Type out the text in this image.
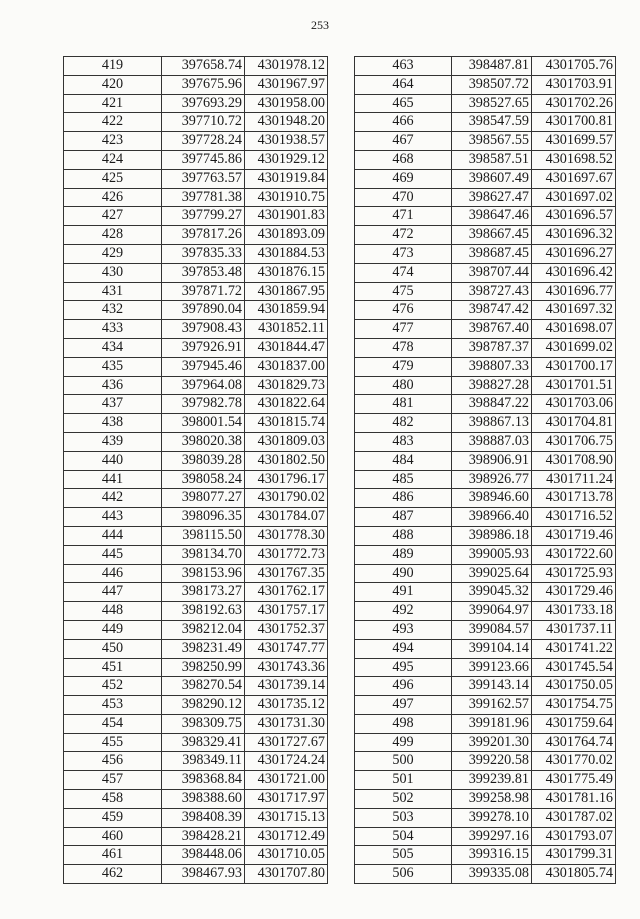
253
419	397658.74	4301978.12
420	397675.96	4301967.97
421	397693.29	4301958.00
422	397710.72	4301948.20
423	397728.24	4301938.57
424	397745.86	4301929.12
425	397763.57	4301919.84
426	397781.38	4301910.75
427	397799.27	4301901.83
428	397817.26	4301893.09
429	397835.33	4301884.53
430	397853.48	4301876.15
431	397871.72	4301867.95
432	397890.04	4301859.94
433	397908.43	4301852.11
434	397926.91	4301844.47
435	397945.46	4301837.00
436	397964.08	4301829.73
437	397982.78	4301822.64
438	398001.54	4301815.74
439	398020.38	4301809.03
440	398039.28	4301802.50
441	398058.24	4301796.17
442	398077.27	4301790.02
443	398096.35	4301784.07
444	398115.50	4301778.30
445	398134.70	4301772.73
446	398153.96	4301767.35
447	398173.27	4301762.17
448	398192.63	4301757.17
449	398212.04	4301752.37
450	398231.49	4301747.77
451	398250.99	4301743.36
452	398270.54	4301739.14
453	398290.12	4301735.12
454	398309.75	4301731.30
455	398329.41	4301727.67
456	398349.11	4301724.24
457	398368.84	4301721.00
458	398388.60	4301717.97
459	398408.39	4301715.13
460	398428.21	4301712.49
461	398448.06	4301710.05
462	398467.93	4301707.80
463	398487.81	4301705.76
464	398507.72	4301703.91
465	398527.65	4301702.26
466	398547.59	4301700.81
467	398567.55	4301699.57
468	398587.51	4301698.52
469	398607.49	4301697.67
470	398627.47	4301697.02
471	398647.46	4301696.57
472	398667.45	4301696.32
473	398687.45	4301696.27
474	398707.44	4301696.42
475	398727.43	4301696.77
476	398747.42	4301697.32
477	398767.40	4301698.07
478	398787.37	4301699.02
479	398807.33	4301700.17
480	398827.28	4301701.51
481	398847.22	4301703.06
482	398867.13	4301704.81
483	398887.03	4301706.75
484	398906.91	4301708.90
485	398926.77	4301711.24
486	398946.60	4301713.78
487	398966.40	4301716.52
488	398986.18	4301719.46
489	399005.93	4301722.60
490	399025.64	4301725.93
491	399045.32	4301729.46
492	399064.97	4301733.18
493	399084.57	4301737.11
494	399104.14	4301741.22
495	399123.66	4301745.54
496	399143.14	4301750.05
497	399162.57	4301754.75
498	399181.96	4301759.64
499	399201.30	4301764.74
500	399220.58	4301770.02
501	399239.81	4301775.49
502	399258.98	4301781.16
503	399278.10	4301787.02
504	399297.16	4301793.07
505	399316.15	4301799.31
506	399335.08	4301805.74
